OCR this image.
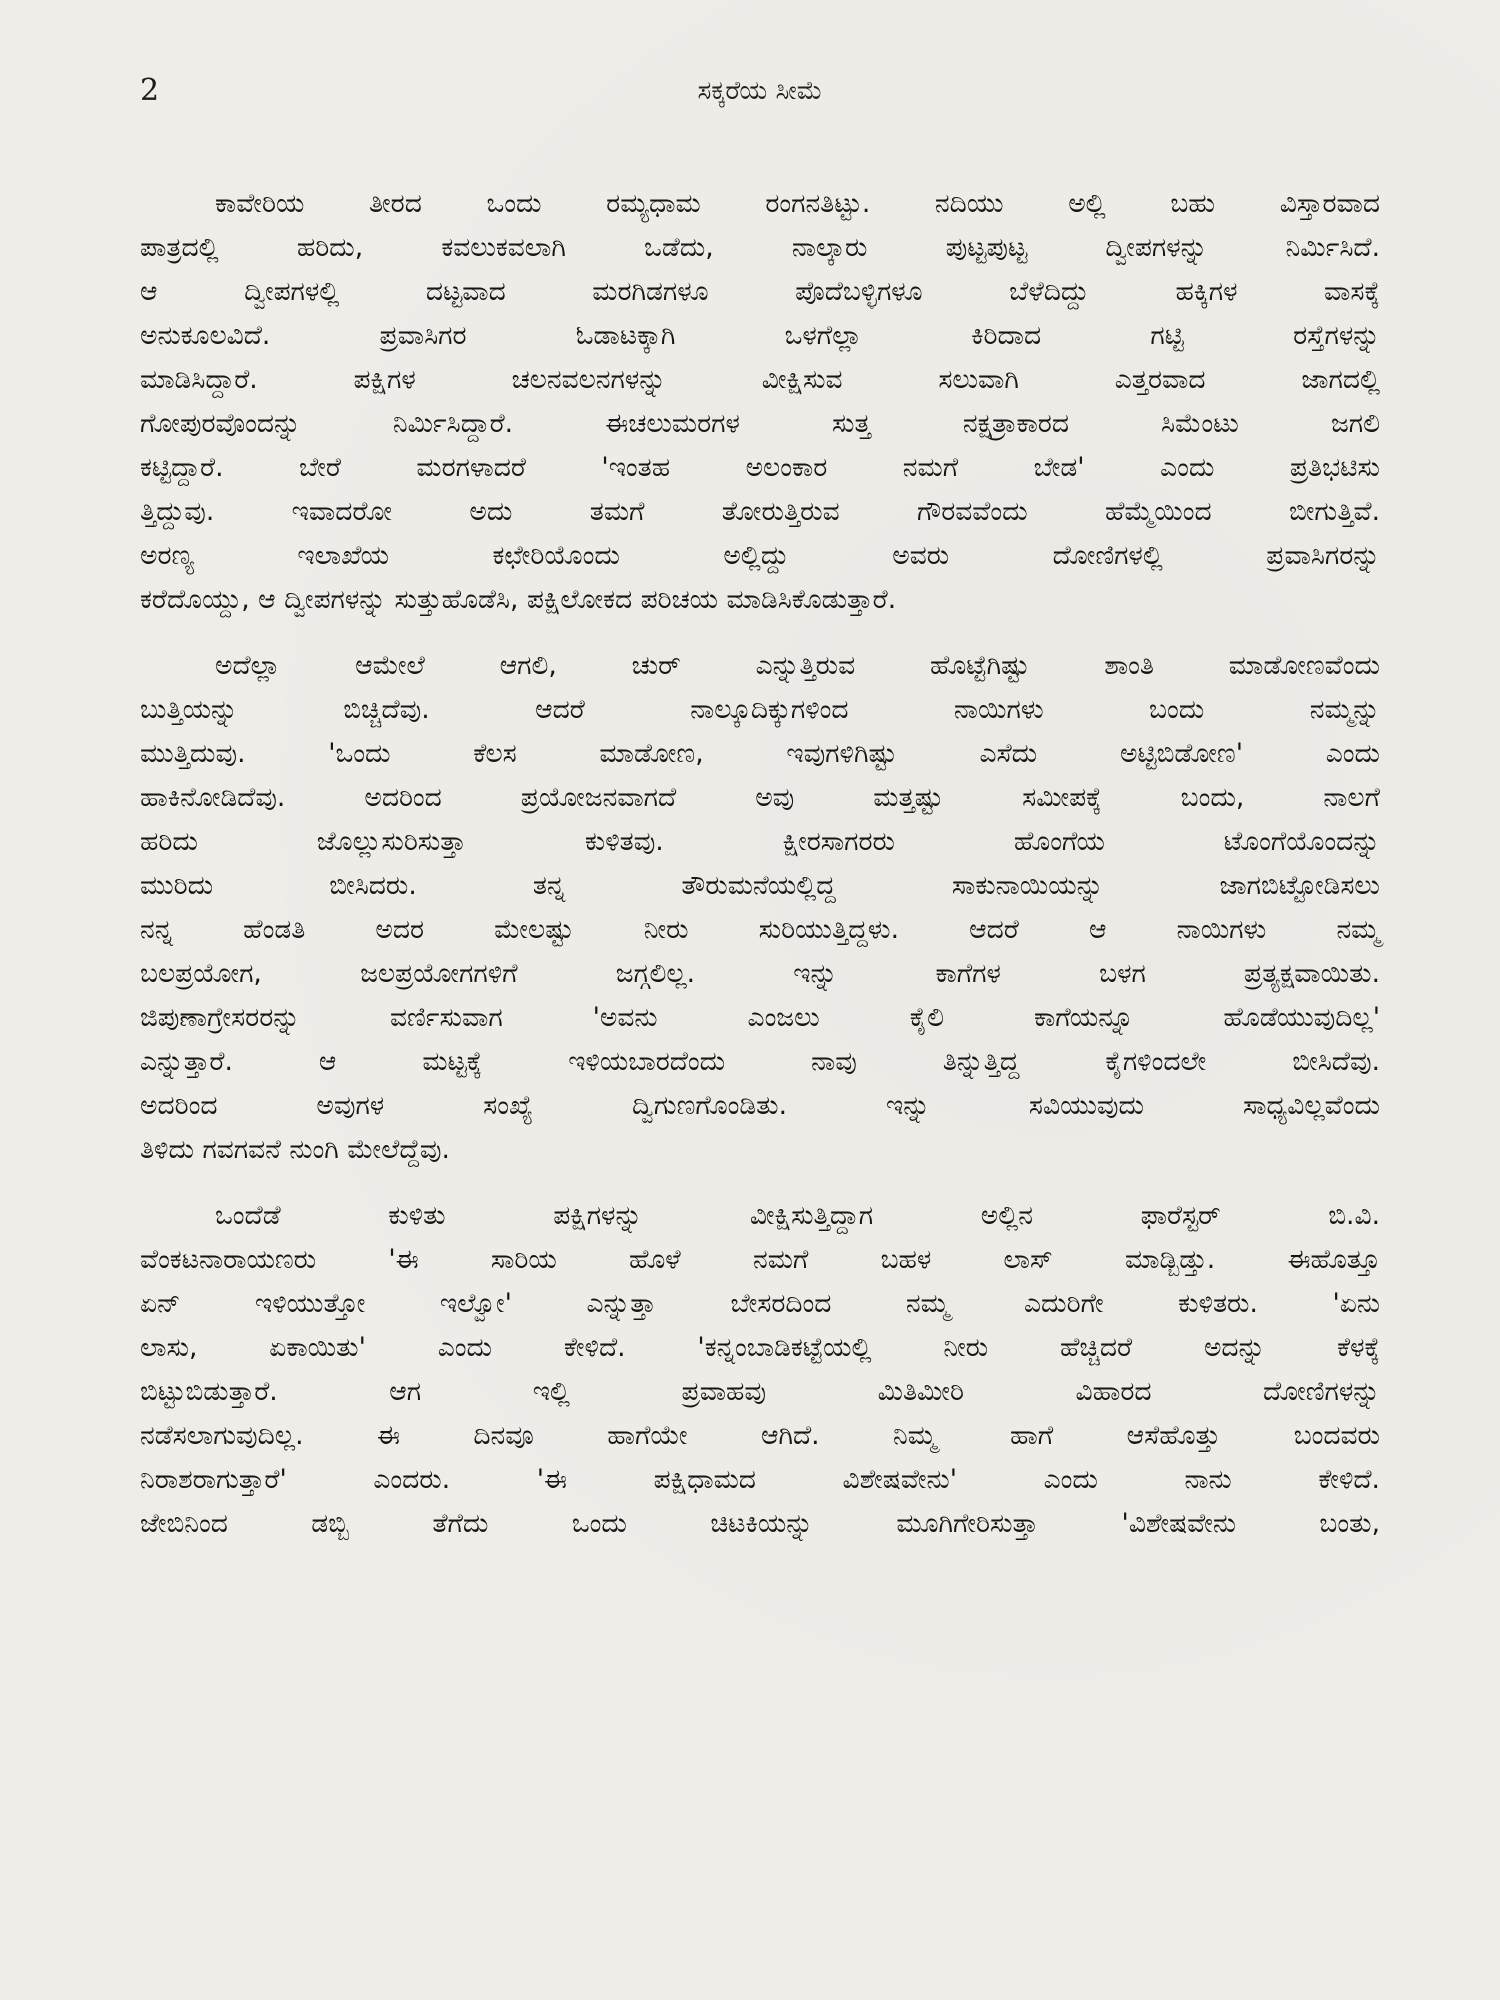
2	ಸಕ್ಕರೆಯ ಸೀಮೆ
ಕಾವೇರಿಯ ತೀರದ ಒಂದು ರಮ್ಯಧಾಮ ರಂಗನತಿಟ್ಟು. ನದಿಯು ಅಲ್ಲಿ ಬಹು ವಿಸ್ತಾರವಾದ
ಪಾತ್ರದಲ್ಲಿ ಹರಿದು, ಕವಲುಕವಲಾಗಿ ಒಡೆದು, ನಾಲ್ಕಾರು ಪುಟ್ಟಪುಟ್ಟ ದ್ವೀಪಗಳನ್ನು ನಿರ್ಮಿಸಿದೆ.
ಆ ದ್ವೀಪಗಳಲ್ಲಿ ದಟ್ಟವಾದ ಮರಗಿಡಗಳೂ ಪೊದೆಬಳ್ಳಿಗಳೂ ಬೆಳೆದಿದ್ದು ಹಕ್ಕಿಗಳ ವಾಸಕ್ಕೆ
ಅನುಕೂಲವಿದೆ. ಪ್ರವಾಸಿಗರ ಓಡಾಟಕ್ಕಾಗಿ ಒಳಗೆಲ್ಲಾ ಕಿರಿದಾದ ಗಟ್ಟಿ ರಸ್ತೆಗಳನ್ನು
ಮಾಡಿಸಿದ್ದಾರೆ. ಪಕ್ಷಿಗಳ ಚಲನವಲನಗಳನ್ನು ವೀಕ್ಷಿಸುವ ಸಲುವಾಗಿ ಎತ್ತರವಾದ ಜಾಗದಲ್ಲಿ
ಗೋಪುರವೊಂದನ್ನು ನಿರ್ಮಿಸಿದ್ದಾರೆ. ಈಚಲುಮರಗಳ ಸುತ್ತ ನಕ್ಷತ್ರಾಕಾರದ ಸಿಮೆಂಟು ಜಗಲಿ
ಕಟ್ಟಿದ್ದಾರೆ. ಬೇರೆ ಮರಗಳಾದರೆ 'ಇಂತಹ ಅಲಂಕಾರ ನಮಗೆ ಬೇಡ' ಎಂದು ಪ್ರತಿಭಟಿಸು
ತ್ತಿದ್ದುವು. ಇವಾದರೋ ಅದು ತಮಗೆ ತೋರುತ್ತಿರುವ ಗೌರವವೆಂದು ಹೆಮ್ಮೆಯಿಂದ ಬೀಗುತ್ತಿವೆ.
ಅರಣ್ಯ ಇಲಾಖೆಯ ಕಛೇರಿಯೊಂದು ಅಲ್ಲಿದ್ದು ಅವರು ದೋಣಿಗಳಲ್ಲಿ ಪ್ರವಾಸಿಗರನ್ನು
ಕರೆದೊಯ್ದು, ಆ ದ್ವೀಪಗಳನ್ನು ಸುತ್ತುಹೊಡೆಸಿ, ಪಕ್ಷಿಲೋಕದ ಪರಿಚಯ ಮಾಡಿಸಿಕೊಡುತ್ತಾರೆ.
ಅದೆಲ್ಲಾ ಆಮೇಲೆ ಆಗಲಿ, ಚುರ್ ಎನ್ನುತ್ತಿರುವ ಹೊಟ್ಟೆಗಿಷ್ಟು ಶಾಂತಿ ಮಾಡೋಣವೆಂದು
ಬುತ್ತಿಯನ್ನು ಬಿಚ್ಚಿದೆವು. ಆದರೆ ನಾಲ್ಕೂದಿಕ್ಕುಗಳಿಂದ ನಾಯಿಗಳು ಬಂದು ನಮ್ಮನ್ನು
ಮುತ್ತಿದುವು. 'ಒಂದು ಕೆಲಸ ಮಾಡೋಣ, ಇವುಗಳಿಗಿಷ್ಟು ಎಸೆದು ಅಟ್ಟಿಬಿಡೋಣ' ಎಂದು
ಹಾಕಿನೋಡಿದೆವು. ಅದರಿಂದ ಪ್ರಯೋಜನವಾಗದೆ ಅವು ಮತ್ತಷ್ಟು ಸಮೀಪಕ್ಕೆ ಬಂದು, ನಾಲಗೆ
ಹರಿದು ಜೊಲ್ಲುಸುರಿಸುತ್ತಾ ಕುಳಿತವು. ಕ್ಷೀರಸಾಗರರು ಹೊಂಗೆಯ ಟೊಂಗೆಯೊಂದನ್ನು
ಮುರಿದು ಬೀಸಿದರು. ತನ್ನ ತೌರುಮನೆಯಲ್ಲಿದ್ದ ಸಾಕುನಾಯಿಯನ್ನು ಜಾಗಬಿಟ್ಟೋಡಿಸಲು
ನನ್ನ ಹೆಂಡತಿ ಅದರ ಮೇಲಷ್ಟು ನೀರು ಸುರಿಯುತ್ತಿದ್ದಳು. ಆದರೆ ಆ ನಾಯಿಗಳು ನಮ್ಮ
ಬಲಪ್ರಯೋಗ, ಜಲಪ್ರಯೋಗಗಳಿಗೆ ಜಗ್ಗಲಿಲ್ಲ. ಇನ್ನು ಕಾಗೆಗಳ ಬಳಗ ಪ್ರತ್ಯಕ್ಷವಾಯಿತು.
ಜಿಪುಣಾಗ್ರೇಸರರನ್ನು ವರ್ಣಿಸುವಾಗ 'ಅವನು ಎಂಜಲು ಕೈಲಿ ಕಾಗೆಯನ್ನೂ ಹೊಡೆಯುವುದಿಲ್ಲ'
ಎನ್ನುತ್ತಾರೆ. ಆ ಮಟ್ಟಕ್ಕೆ ಇಳಿಯಬಾರದೆಂದು ನಾವು ತಿನ್ನುತ್ತಿದ್ದ ಕೈಗಳಿಂದಲೇ ಬೀಸಿದೆವು.
ಅದರಿಂದ ಅವುಗಳ ಸಂಖ್ಯೆ ದ್ವಿಗುಣಗೊಂಡಿತು. ಇನ್ನು ಸವಿಯುವುದು ಸಾಧ್ಯವಿಲ್ಲವೆಂದು
ತಿಳಿದು ಗವಗವನೆ ನುಂಗಿ ಮೇಲೆದ್ದೆವು.
ಒಂದೆಡೆ ಕುಳಿತು ಪಕ್ಷಿಗಳನ್ನು ವೀಕ್ಷಿಸುತ್ತಿದ್ದಾಗ ಅಲ್ಲಿನ ಫಾರೆಸ್ಟರ್ ಬಿ.ವಿ.
ವೆಂಕಟನಾರಾಯಣರು 'ಈ ಸಾರಿಯ ಹೊಳೆ ನಮಗೆ ಬಹಳ ಲಾಸ್ ಮಾಡ್ಬಿಡ್ತು. ಈಹೊತ್ತೂ
ಏನ್ ಇಳಿಯುತ್ತೋ ಇಲ್ವೋ' ಎನ್ನುತ್ತಾ ಬೇಸರದಿಂದ ನಮ್ಮ ಎದುರಿಗೇ ಕುಳಿತರು. 'ಏನು
ಲಾಸು, ಏಕಾಯಿತು' ಎಂದು ಕೇಳಿದೆ. 'ಕನ್ನಂಬಾಡಿಕಟ್ಟೆಯಲ್ಲಿ ನೀರು ಹೆಚ್ಚಿದರೆ ಅದನ್ನು ಕೆಳಕ್ಕೆ
ಬಿಟ್ಟುಬಿಡುತ್ತಾರೆ. ಆಗ ಇಲ್ಲಿ ಪ್ರವಾಹವು ಮಿತಿಮೀರಿ ವಿಹಾರದ ದೋಣಿಗಳನ್ನು
ನಡೆಸಲಾಗುವುದಿಲ್ಲ. ಈ ದಿನವೂ ಹಾಗೆಯೇ ಆಗಿದೆ. ನಿಮ್ಮ ಹಾಗೆ ಆಸೆಹೊತ್ತು ಬಂದವರು
ನಿರಾಶರಾಗುತ್ತಾರೆ' ಎಂದರು. 'ಈ ಪಕ್ಷಿಧಾಮದ ವಿಶೇಷವೇನು' ಎಂದು ನಾನು ಕೇಳಿದೆ.
ಜೇಬಿನಿಂದ ಡಬ್ಬಿ ತೆಗೆದು ಒಂದು ಚಿಟಕಿಯನ್ನು ಮೂಗಿಗೇರಿಸುತ್ತಾ 'ವಿಶೇಷವೇನು ಬಂತು,
